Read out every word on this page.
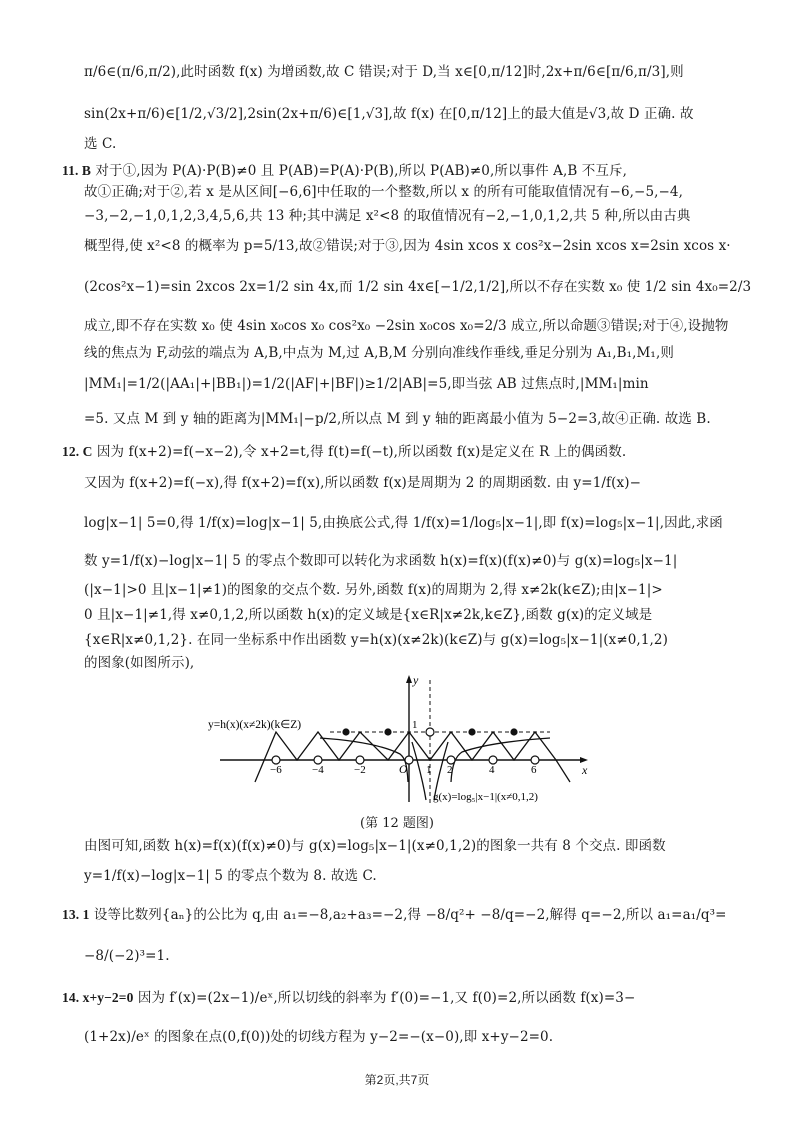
π/6∈(π/6,π/2),此时函数 f(x) 为增函数,故 C 错误;对于 D,当 x∈[0,π/12]时,2x+π/6∈[π/6,π/3],则
sin(2x+π/6)∈[1/2,√3/2],2sin(2x+π/6)∈[1,√3],故 f(x) 在[0,π/12]上的最大值是√3,故 D 正确. 故
选 C.
11. B 对于①,因为 P(A)·P(B)≠0 且 P(AB)=P(A)·P(B),所以 P(AB)≠0,所以事件 A,B 不互斥,
故①正确;对于②,若 x 是从区间[−6,6]中任取的一个整数,所以 x 的所有可能取值情况有−6,−5,−4,
−3,−2,−1,0,1,2,3,4,5,6,共 13 种;其中满足 x²<8 的取值情况有−2,−1,0,1,2,共 5 种,所以由古典
概型得,使 x²<8 的概率为 p=5/13,故②错误;对于③,因为 4sin xcos x cos²x−2sin xcos x=2sin xcos x·
(2cos²x−1)=sin 2xcos 2x=1/2 sin 4x,而 1/2 sin 4x∈[−1/2,1/2],所以不存在实数 x₀ 使 1/2 sin 4x₀=2/3
成立,即不存在实数 x₀ 使 4sin x₀cos x₀ cos²x₀ −2sin x₀cos x₀=2/3 成立,所以命题③错误;对于④,设抛物
线的焦点为 F,动弦的端点为 A,B,中点为 M,过 A,B,M 分别向准线作垂线,垂足分别为 A₁,B₁,M₁,则
|MM₁|=1/2(|AA₁|+|BB₁|)=1/2(|AF|+|BF|)≥1/2|AB|=5,即当弦 AB 过焦点时,|MM₁|min
=5. 又点 M 到 y 轴的距离为|MM₁|−p/2,所以点 M 到 y 轴的距离最小值为 5−2=3,故④正确. 故选 B.
12. C 因为 f(x+2)=f(−x−2),令 x+2=t,得 f(t)=f(−t),所以函数 f(x)是定义在 R 上的偶函数.
又因为 f(x+2)=f(−x),得 f(x+2)=f(x),所以函数 f(x)是周期为 2 的周期函数. 由 y=1/f(x)−
log|x−1| 5=0,得 1/f(x)=log|x−1| 5,由换底公式,得 1/f(x)=1/log₅|x−1|,即 f(x)=log₅|x−1|,因此,求函
数 y=1/f(x)−log|x−1| 5 的零点个数即可以转化为求函数 h(x)=f(x)(f(x)≠0)与 g(x)=log₅|x−1|
(|x−1|>0 且|x−1|≠1)的图象的交点个数. 另外,函数 f(x)的周期为 2,得 x≠2k(k∈Z);由|x−1|>
0 且|x−1|≠1,得 x≠0,1,2,所以函数 h(x)的定义域是{x∈R|x≠2k,k∈Z},函数 g(x)的定义域是
{x∈R|x≠0,1,2}. 在同一坐标系中作出函数 y=h(x)(x≠2k)(k∈Z)与 g(x)=log₅|x−1|(x≠0,1,2)
的图象(如图所示),
y=h(x)(x≠2k)(k∈Z)
y
x
O
1
−6	−4	−2	1 2	4	6
g(x)=log₅|x−1|(x≠0,1,2)
(第 12 题图)
由图可知,函数 h(x)=f(x)(f(x)≠0)与 g(x)=log₅|x−1|(x≠0,1,2)的图象一共有 8 个交点. 即函数
y=1/f(x)−log|x−1| 5 的零点个数为 8. 故选 C.
13. 1 设等比数列{aₙ}的公比为 q,由 a₁=−8,a₂+a₃=−2,得 −8/q²+ −8/q=−2,解得 q=−2,所以 a₁=a₁/q³=
−8/(−2)³=1.
14. x+y−2=0 因为 f′(x)=(2x−1)/eˣ,所以切线的斜率为 f′(0)=−1,又 f(0)=2,所以函数 f(x)=3−
(1+2x)/eˣ 的图象在点(0,f(0))处的切线方程为 y−2=−(x−0),即 x+y−2=0.
第2页,共7页
